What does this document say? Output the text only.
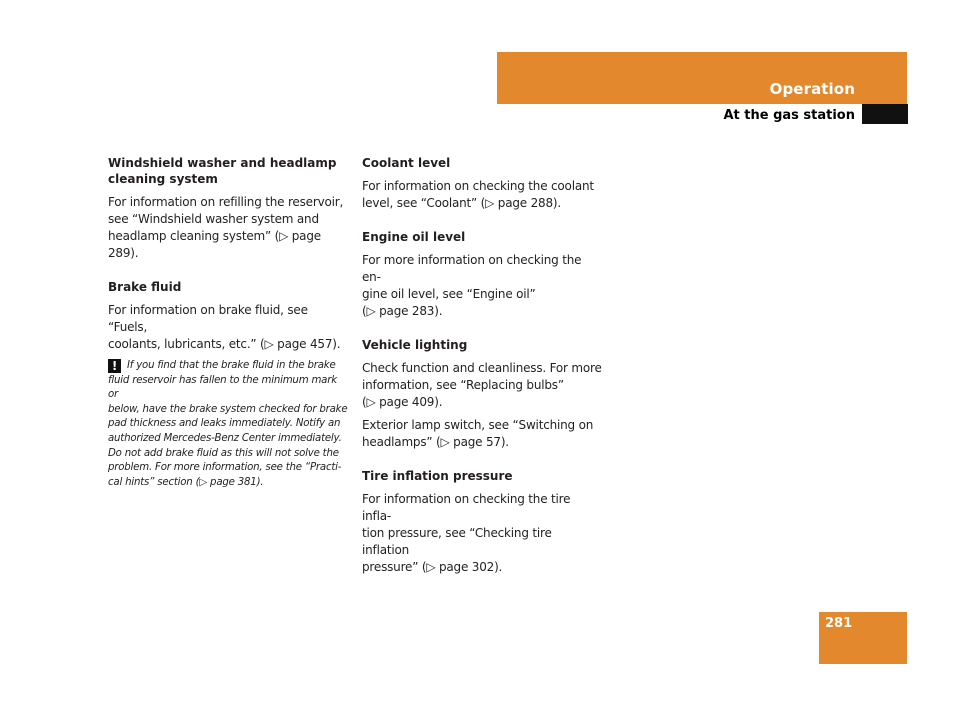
Operation
At the gas station
Windshield washer and headlamp
cleaning system

For information on refilling the reservoir,
see “Windshield washer system and
headlamp cleaning system” (▷ page 289).

Brake fluid

For information on brake fluid, see “Fuels,
coolants, lubricants, etc.” (▷ page 457).

! If you find that the brake fluid in the brake
fluid reservoir has fallen to the minimum mark or
below, have the brake system checked for brake
pad thickness and leaks immediately. Notify an
authorized Mercedes-Benz Center immediately.
Do not add brake fluid as this will not solve the
problem. For more information, see the “Practi-
cal hints” section (▷ page 381).

Coolant level

For information on checking the coolant
level, see “Coolant” (▷ page 288).

Engine oil level

For more information on checking the en-
gine oil level, see “Engine oil”
(▷ page 283).

Vehicle lighting

Check function and cleanliness. For more
information, see “Replacing bulbs”
(▷ page 409).

Exterior lamp switch, see “Switching on
headlamps” (▷ page 57).

Tire inflation pressure

For information on checking the tire infla-
tion pressure, see “Checking tire inflation
pressure” (▷ page 302).

281
